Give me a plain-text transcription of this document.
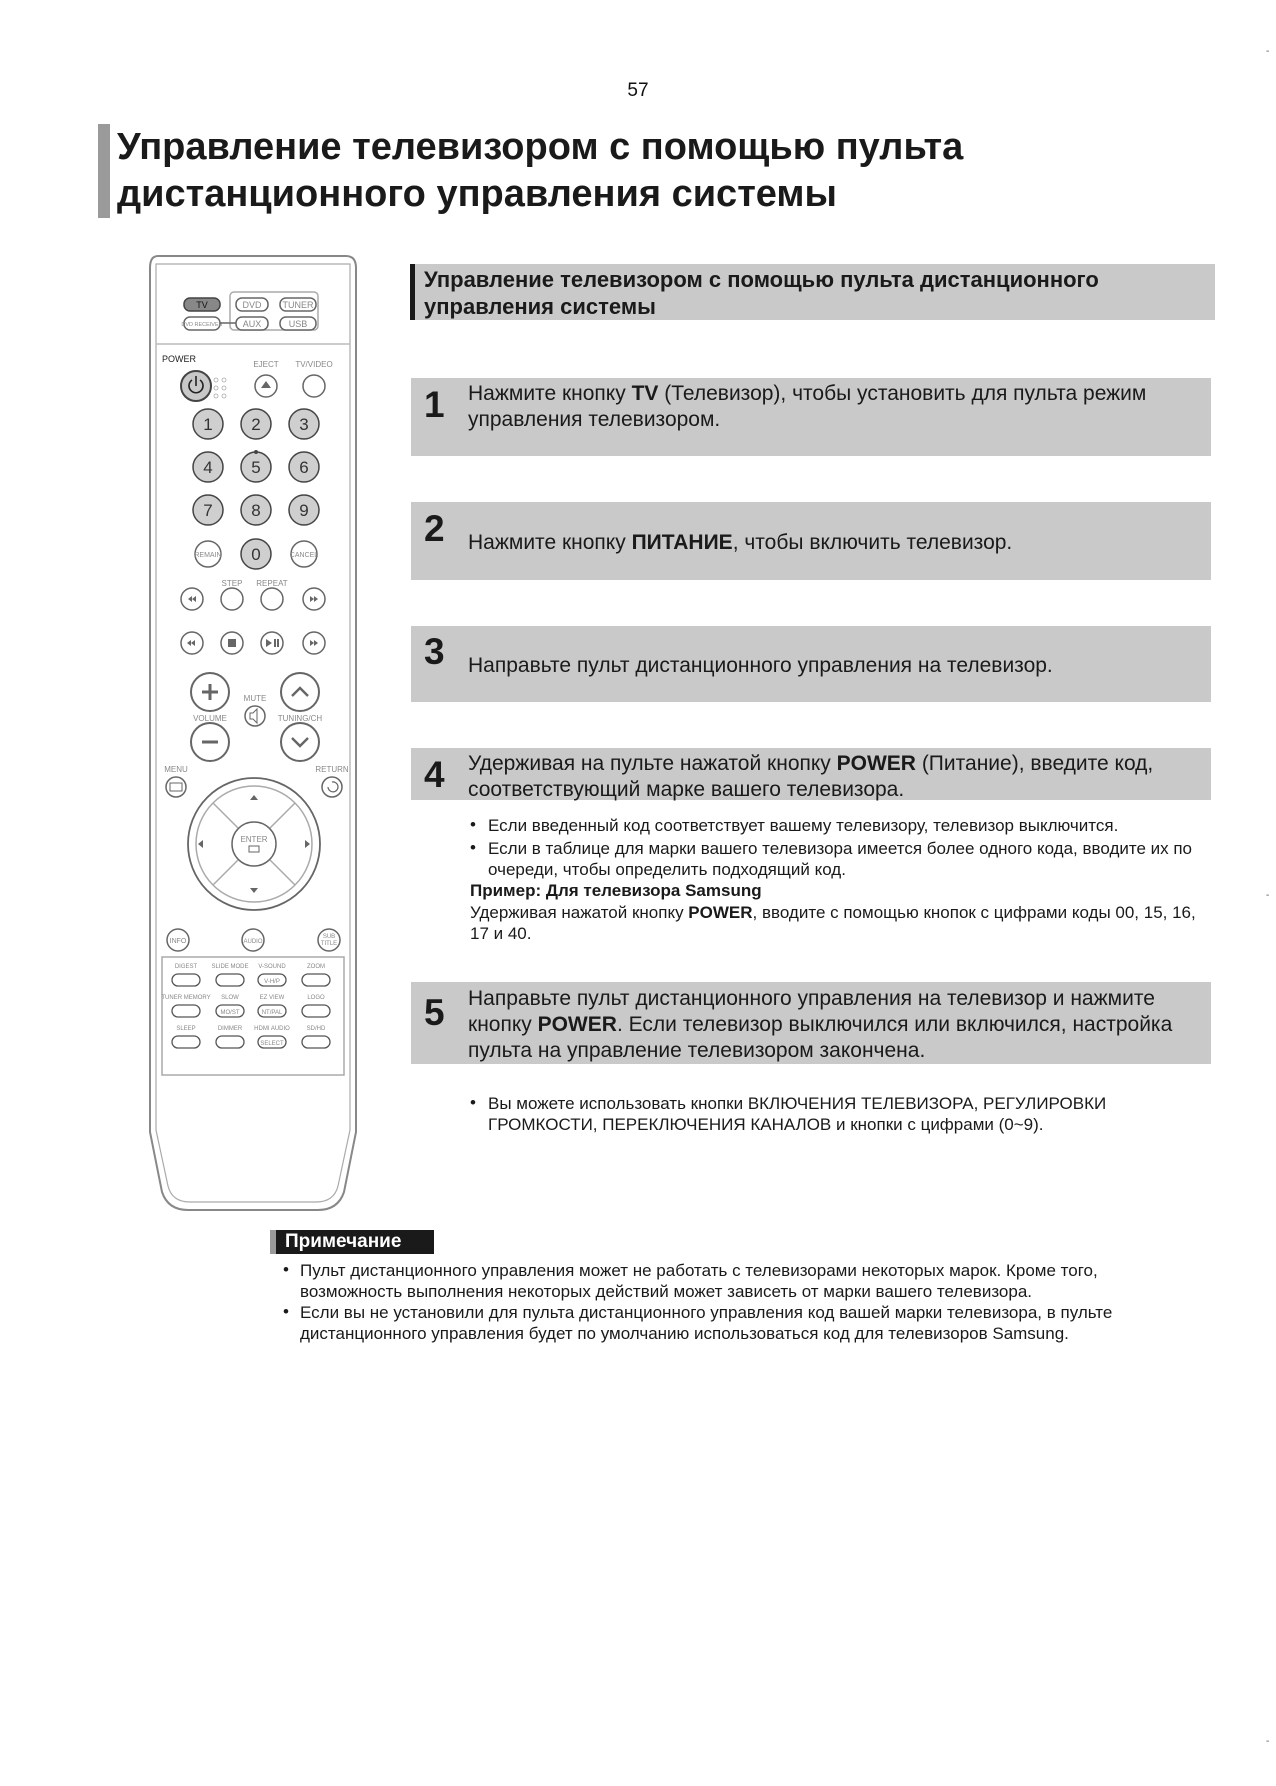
57
Управление телевизором с помощью пульта
дистанционного управления системы
TV	DVD TUNER
DVD RECEIVER AUX	USB
POWER
EJECT TV/VIDEO
1 2 3
4 5 6
7 8 9
0
REMAIN	CANCEL
STEP REPEAT
MUTE
VOLUME	TUNING/CH
MENU	RETURN
ENTER
INFO	AUDIO
SUB
TITLE
DIGEST SLIDE MODE V-SOUND	ZOOM
TUNER MEMORY SLOW	EZ VIEW	LOGO
SLEEP	DIMMER HDMI AUDIO	SD/HD
V-H/P
MO/ST	NT/PAL
SELECT
Управление телевизором с помощью пульта дистанционного
управления системы
1 Нажмите кнопку TV (Телевизор), чтобы установить для пульта режим управления телевизором.
2 Нажмите кнопку ПИТАНИЕ, чтобы включить телевизор.
3 Направьте пульт дистанционного управления на телевизор.
4 Удерживая на пульте нажатой кнопку POWER (Питание), введите код, соответствующий марке вашего телевизора.
• Если введенный код соответствует вашему телевизору, телевизор выключится.
• Если в таблице для марки вашего телевизора имеется более одного кода, вводите их по очереди, чтобы определить подходящий код.
Пример: Для телевизора Samsung
Удерживая нажатой кнопку POWER, вводите с помощью кнопок с цифрами коды 00, 15, 16, 17 и 40.
5 Направьте пульт дистанционного управления на телевизор и нажмите кнопку POWER. Если телевизор выключился или включился, настройка пульта на управление телевизором закончена.
• Вы можете использовать кнопки ВКЛЮЧЕНИЯ ТЕЛЕВИЗОРА, РЕГУЛИРОВКИ ГРОМКОСТИ, ПЕРЕКЛЮЧЕНИЯ КАНАЛОВ и кнопки с цифрами (0~9).
Примечание
• Пульт дистанционного управления может не работать с телевизорами некоторых марок. Кроме того, возможность выполнения некоторых действий может зависеть от марки вашего телевизора.
• Если вы не установили для пульта дистанционного управления код вашей марки телевизора, в пульте дистанционного управления будет по умолчанию использоваться код для телевизоров Samsung.
-
-
-
